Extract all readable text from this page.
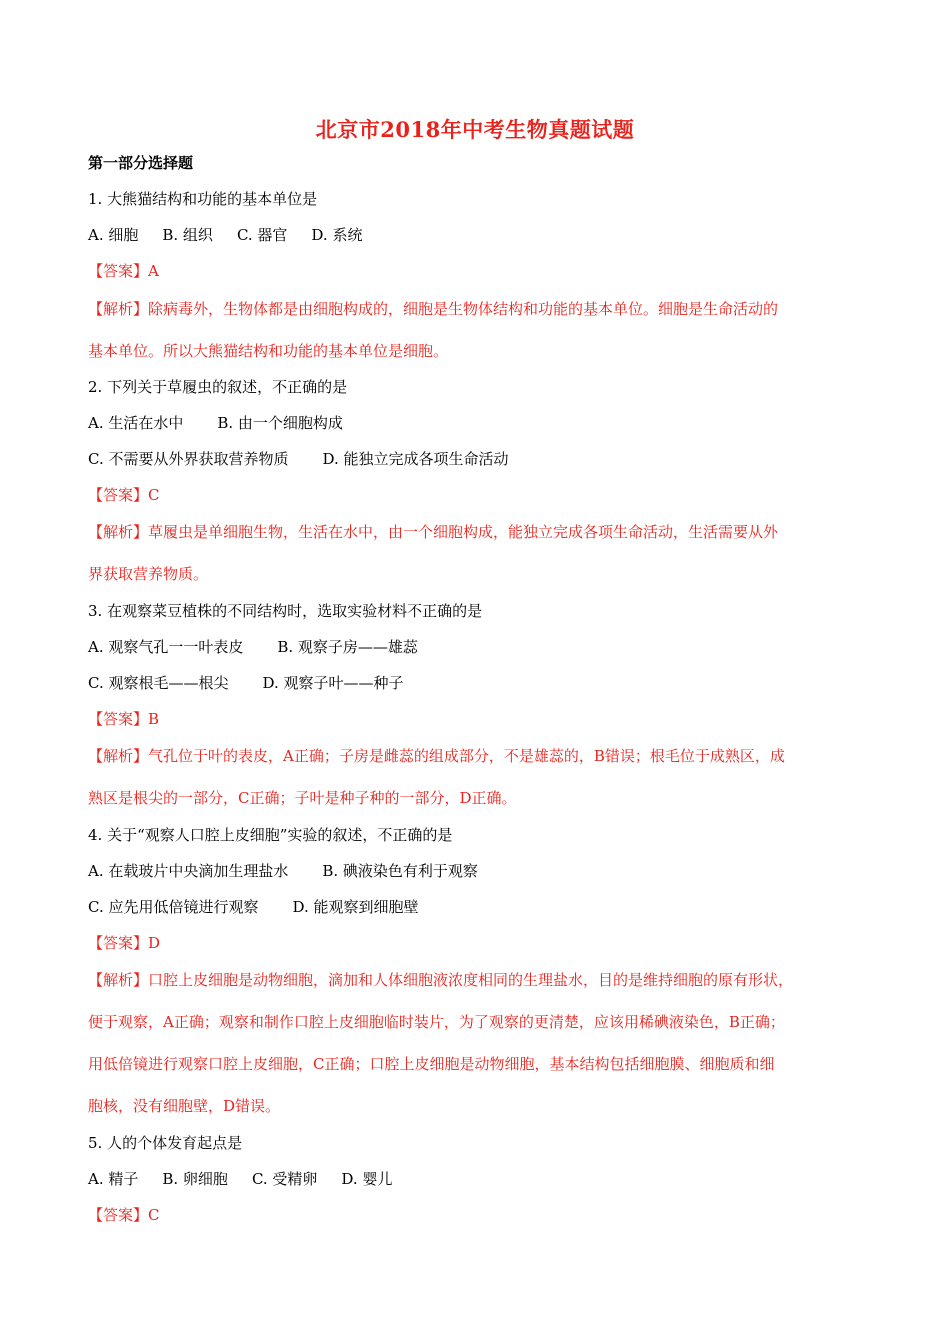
北京市2018年中考生物真题试题
第一部分选择题
1. 大熊猫结构和功能的基本单位是
A. 细胞 B. 组织 C. 器官 D. 系统
【答案】A
【解析】除病毒外，生物体都是由细胞构成的，细胞是生物体结构和功能的基本单位。细胞是生命活动的
基本单位。所以大熊猫结构和功能的基本单位是细胞。
2. 下列关于草履虫的叙述，不正确的是
A. 生活在水中 B. 由一个细胞构成
C. 不需要从外界获取营养物质 D. 能独立完成各项生命活动
【答案】C
【解析】草履虫是单细胞生物，生活在水中，由一个细胞构成，能独立完成各项生命活动，生活需要从外
界获取营养物质。
3. 在观察菜豆植株的不同结构时，选取实验材料不正确的是
A. 观察气孔一一叶表皮 B. 观察子房——雄蕊
C. 观察根毛——根尖 D. 观察子叶——种子
【答案】B
【解析】气孔位于叶的表皮，A正确；子房是雌蕊的组成部分，不是雄蕊的，B错误；根毛位于成熟区，成
熟区是根尖的一部分，C正确；子叶是种子种的一部分，D正确。
4. 关于“观察人口腔上皮细胞”实验的叙述，不正确的是
A. 在载玻片中央滴加生理盐水 B. 碘液染色有利于观察
C. 应先用低倍镜进行观察 D. 能观察到细胞壁
【答案】D
【解析】口腔上皮细胞是动物细胞，滴加和人体细胞液浓度相同的生理盐水，目的是维持细胞的原有形状，
便于观察，A正确；观察和制作口腔上皮细胞临时装片，为了观察的更清楚，应该用稀碘液染色，B正确；
用低倍镜进行观察口腔上皮细胞，C正确；口腔上皮细胞是动物细胞，基本结构包括细胞膜、细胞质和细
胞核，没有细胞壁，D错误。
5. 人的个体发育起点是
A. 精子 B. 卵细胞 C. 受精卵 D. 婴儿
【答案】C
